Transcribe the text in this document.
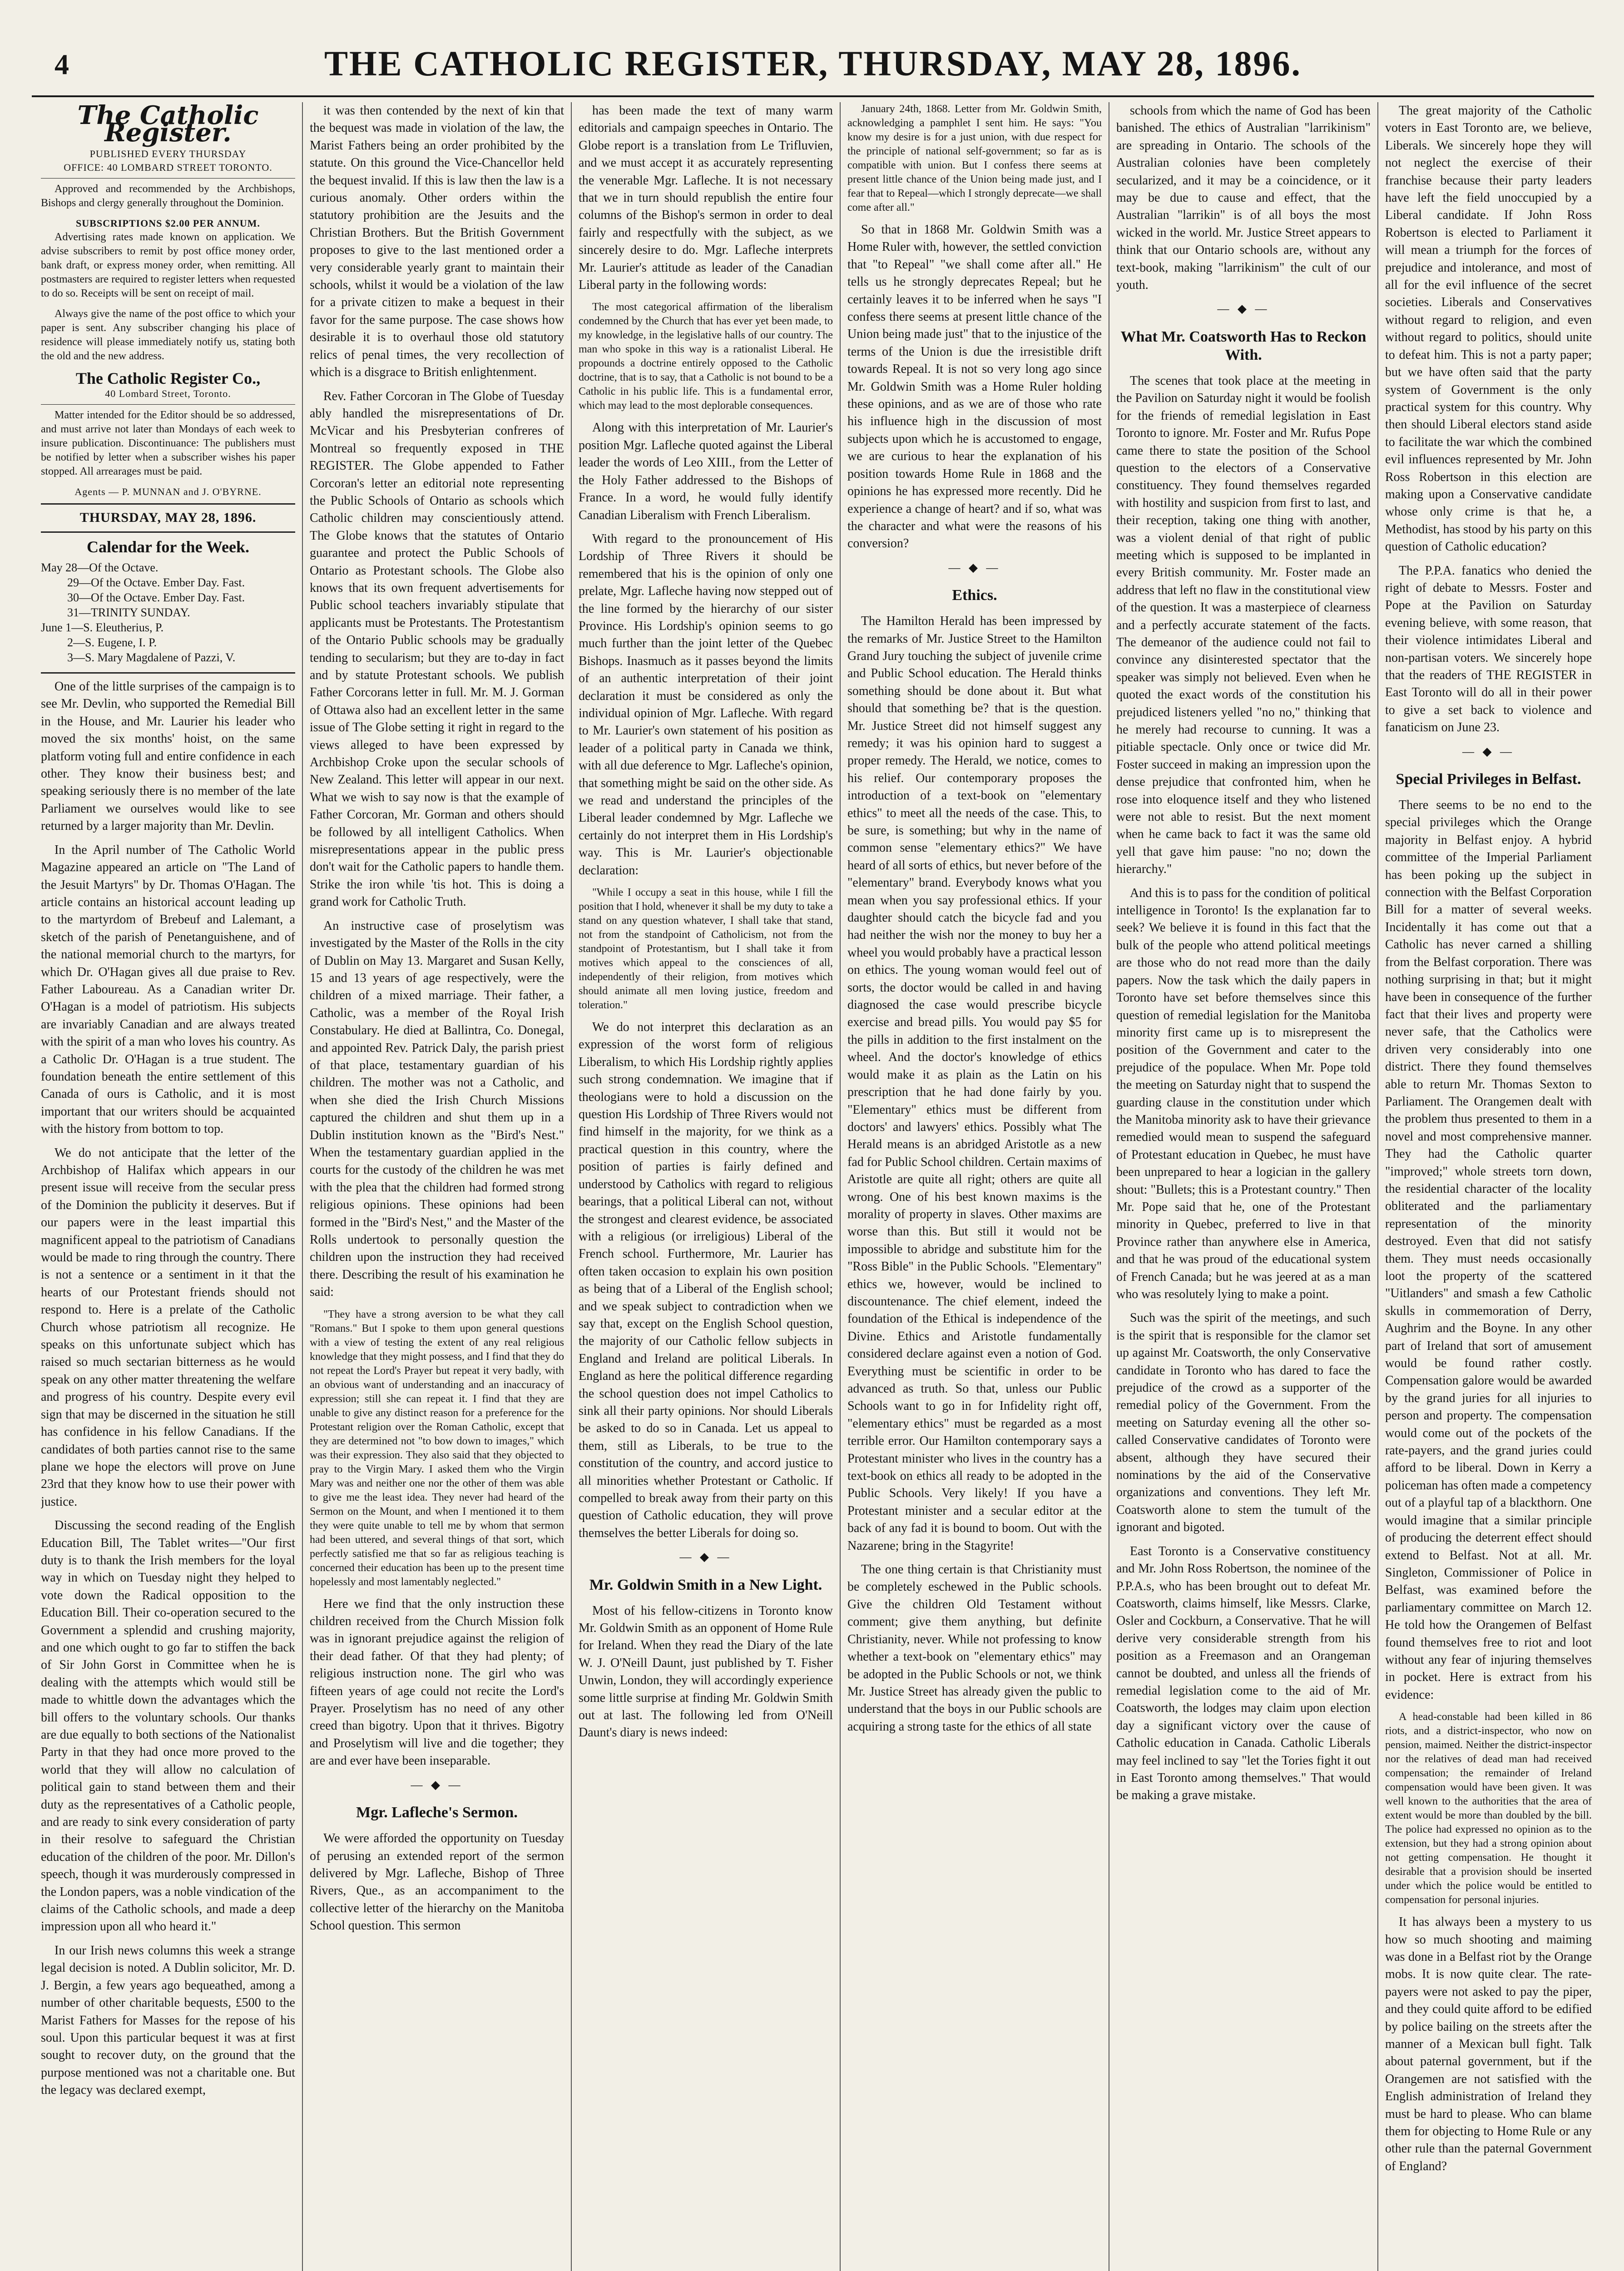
4	THE CATHOLIC REGISTER, THURSDAY, MAY 28, 1896.
The Catholic Register.
PUBLISHED EVERY THURSDAY
OFFICE: 40 LOMBARD STREET TORONTO.

Approved and recommended by the Archbishops, Bishops and clergy generally throughout the Dominion.

SUBSCRIPTIONS $2.00 PER ANNUM.

Advertising rates made known on application. We advise subscribers to remit by post office money order, bank draft, or express money order, when remitting. All postmasters are required to register letters when requested to do so. Receipts will be sent on receipt of mail.

Always give the name of the post office to which your paper is sent. Any subscriber changing his place of residence will please immediately notify us, stating both the old and the new address.

The Catholic Register Co.,
40 Lombard Street, Toronto.

Matter intended for the Editor should be so addressed, and must arrive not later than Mondays of each week to insure publication. Discontinuance: The publishers must be notified by letter when a subscriber wishes his paper stopped. All arrearages must be paid.

Agents — P. MUNNAN and J. O'BYRNE.
THURSDAY, MAY 28, 1896.
Calendar for the Week.
May 28—Of the Octave.
29—Of the Octave. Ember Day. Fast.
30—Of the Octave. Ember Day. Fast.
31—TRINITY SUNDAY.
June 1—S. Eleutherius, P.
2—S. Eugene, I. P.
3—S. Mary Magdalene of Pazzi, V.

One of the little surprises of the campaign is to see Mr. Devlin, who supported the Remedial Bill in the House, and Mr. Laurier his leader who moved the six months' hoist, on the same platform voting full and entire confidence in each other. They know their business best; and speaking seriously there is no member of the late Parliament we ourselves would like to see returned by a larger majority than Mr. Devlin.

In the April number of The Catholic World Magazine appeared an article on "The Land of the Jesuit Martyrs" by Dr. Thomas O'Hagan. The article contains an historical account leading up to the martyrdom of Brebeuf and Lalemant, a sketch of the parish of Penetanguishene, and of the national memorial church to the martyrs, for which Dr. O'Hagan gives all due praise to Rev. Father Laboureau. As a Canadian writer Dr. O'Hagan is a model of patriotism. His subjects are invariably Canadian and are always treated with the spirit of a man who loves his country. As a Catholic Dr. O'Hagan is a true student. The foundation beneath the entire settlement of this Canada of ours is Catholic, and it is most important that our writers should be acquainted with the history from bottom to top.

We do not anticipate that the letter of the Archbishop of Halifax which appears in our present issue will receive from the secular press of the Dominion the publicity it deserves. But if our papers were in the least impartial this magnificent appeal to the patriotism of Canadians would be made to ring through the country. There is not a sentence or a sentiment in it that the hearts of our Protestant friends should not respond to. Here is a prelate of the Catholic Church whose patriotism all recognize. He speaks on this unfortunate subject which has raised so much sectarian bitterness as he would speak on any other matter threatening the welfare and progress of his country. Despite every evil sign that may be discerned in the situation he still has confidence in his fellow Canadians. If the candidates of both parties cannot rise to the same plane we hope the electors will prove on June 23rd that they know how to use their power with justice.

Discussing the second reading of the English Education Bill, The Tablet writes—"Our first duty is to thank the Irish members for the loyal way in which on Tuesday night they helped to vote down the Radical opposition to the Education Bill. Their co-operation secured to the Government a splendid and crushing majority, and one which ought to go far to stiffen the back of Sir John Gorst in Committee when he is dealing with the attempts which would still be made to whittle down the advantages which the bill offers to the voluntary schools. Our thanks are due equally to both sections of the Nationalist Party in that they had once more proved to the world that they will allow no calculation of political gain to stand between them and their duty as the representatives of a Catholic people, and are ready to sink every consideration of party in their resolve to safeguard the Christian education of the children of the poor. Mr. Dillon's speech, though it was murderously compressed in the London papers, was a noble vindication of the claims of the Catholic schools, and made a deep impression upon all who heard it."

In our Irish news columns this week a strange legal decision is noted. A Dublin solicitor, Mr. D. J. Bergin, a few years ago bequeathed, among a number of other charitable bequests, £500 to the Marist Fathers for Masses for the repose of his soul. Upon this particular bequest it was at first sought to recover duty, on the ground that the purpose mentioned was not a charitable one. But the legacy was declared exempt,

it was then contended by the next of kin that the bequest was made in violation of the law, the Marist Fathers being an order prohibited by the statute. On this ground the Vice-Chancellor held the bequest invalid. If this is law then the law is a curious anomaly. Other orders within the statutory prohibition are the Jesuits and the Christian Brothers. But the British Government proposes to give to the last mentioned order a very considerable yearly grant to maintain their schools, whilst it would be a violation of the law for a private citizen to make a bequest in their favor for the same purpose. The case shows how desirable it is to overhaul those old statutory relics of penal times, the very recollection of which is a disgrace to British enlightenment.

Rev. Father Corcoran in The Globe of Tuesday ably handled the misrepresentations of Dr. McVicar and his Presbyterian confreres of Montreal so frequently exposed in THE REGISTER. The Globe appended to Father Corcoran's letter an editorial note representing the Public Schools of Ontario as schools which Catholic children may conscientiously attend. The Globe knows that the statutes of Ontario guarantee and protect the Public Schools of Ontario as Protestant schools. The Globe also knows that its own frequent advertisements for Public school teachers invariably stipulate that applicants must be Protestants. The Protestantism of the Ontario Public schools may be gradually tending to secularism; but they are to-day in fact and by statute Protestant schools. We publish Father Corcorans letter in full. Mr. M. J. Gorman of Ottawa also had an excellent letter in the same issue of The Globe setting it right in regard to the views alleged to have been expressed by Archbishop Croke upon the secular schools of New Zealand. This letter will appear in our next. What we wish to say now is that the example of Father Corcoran, Mr. Gorman and others should be followed by all intelligent Catholics. When misrepresentations appear in the public press don't wait for the Catholic papers to handle them. Strike the iron while 'tis hot. This is doing a grand work for Catholic Truth.

An instructive case of proselytism was investigated by the Master of the Rolls in the city of Dublin on May 13. Margaret and Susan Kelly, 15 and 13 years of age respectively, were the children of a mixed marriage. Their father, a Catholic, was a member of the Royal Irish Constabulary. He died at Ballintra, Co. Donegal, and appointed Rev. Patrick Daly, the parish priest of that place, testamentary guardian of his children. The mother was not a Catholic, and when she died the Irish Church Missions captured the children and shut them up in a Dublin institution known as the "Bird's Nest." When the testamentary guardian applied in the courts for the custody of the children he was met with the plea that the children had formed strong religious opinions. These opinions had been formed in the "Bird's Nest," and the Master of the Rolls undertook to personally question the children upon the instruction they had received there. Describing the result of his examination he said:

"They have a strong aversion to be what they call "Romans." But I spoke to them upon general questions with a view of testing the extent of any real religious knowledge that they might possess, and I find that they do not repeat the Lord's Prayer but repeat it very badly, with an obvious want of understanding and an inaccuracy of expression; still she can repeat it. I find that they are unable to give any distinct reason for a preference for the Protestant religion over the Roman Catholic, except that they are determined not "to bow down to images," which was their expression. They also said that they objected to pray to the Virgin Mary. I asked them who the Virgin Mary was and neither one nor the other of them was able to give me the least idea. They never had heard of the Sermon on the Mount, and when I mentioned it to them they were quite unable to tell me by whom that sermon had been uttered, and several things of that sort, which perfectly satisfied me that so far as religious teaching is concerned their education has been up to the present time hopelessly and most lamentably neglected."

Here we find that the only instruction these children received from the Church Mission folk was in ignorant prejudice against the religion of their dead father. Of that they had plenty; of religious instruction none. The girl who was fifteen years of age could not recite the Lord's Prayer. Proselytism has no need of any other creed than bigotry. Upon that it thrives. Bigotry and Proselytism will live and die together; they are and ever have been inseparable.

— ◆ —
Mgr. Lafleche's Sermon.

We were afforded the opportunity on Tuesday of perusing an extended report of the sermon delivered by Mgr. Lafleche, Bishop of Three Rivers, Que., as an accompaniment to the collective letter of the hierarchy on the Manitoba School question. This sermon

has been made the text of many warm editorials and campaign speeches in Ontario. The Globe report is a translation from Le Trifluvien, and we must accept it as accurately representing the venerable Mgr. Lafleche. It is not necessary that we in turn should republish the entire four columns of the Bishop's sermon in order to deal fairly and respectfully with the subject, as we sincerely desire to do. Mgr. Lafleche interprets Mr. Laurier's attitude as leader of the Canadian Liberal party in the following words:

The most categorical affirmation of the liberalism condemned by the Church that has ever yet been made, to my knowledge, in the legislative halls of our country. The man who spoke in this way is a rationalist Liberal. He propounds a doctrine entirely opposed to the Catholic doctrine, that is to say, that a Catholic is not bound to be a Catholic in his public life. This is a fundamental error, which may lead to the most deplorable consequences.

Along with this interpretation of Mr. Laurier's position Mgr. Lafleche quoted against the Liberal leader the words of Leo XIII., from the Letter of the Holy Father addressed to the Bishops of France. In a word, he would fully identify Canadian Liberalism with French Liberalism.

With regard to the pronouncement of His Lordship of Three Rivers it should be remembered that his is the opinion of only one prelate, Mgr. Lafleche having now stepped out of the line formed by the hierarchy of our sister Province. His Lordship's opinion seems to go much further than the joint letter of the Quebec Bishops. Inasmuch as it passes beyond the limits of an authentic interpretation of their joint declaration it must be considered as only the individual opinion of Mgr. Lafleche. With regard to Mr. Laurier's own statement of his position as leader of a political party in Canada we think, with all due deference to Mgr. Lafleche's opinion, that something might be said on the other side. As we read and understand the principles of the Liberal leader condemned by Mgr. Lafleche we certainly do not interpret them in His Lordship's way. This is Mr. Laurier's objectionable declaration:

"While I occupy a seat in this house, while I fill the position that I hold, whenever it shall be my duty to take a stand on any question whatever, I shall take that stand, not from the standpoint of Catholicism, not from the standpoint of Protestantism, but I shall take it from motives which appeal to the consciences of all, independently of their religion, from motives which should animate all men loving justice, freedom and toleration."

We do not interpret this declaration as an expression of the worst form of religious Liberalism, to which His Lordship rightly applies such strong condemnation. We imagine that if theologians were to hold a discussion on the question His Lordship of Three Rivers would not find himself in the majority, for we think as a practical question in this country, where the position of parties is fairly defined and understood by Catholics with regard to religious bearings, that a political Liberal can not, without the strongest and clearest evidence, be associated with a religious (or irreligious) Liberal of the French school. Furthermore, Mr. Laurier has often taken occasion to explain his own position as being that of a Liberal of the English school; and we speak subject to contradiction when we say that, except on the English School question, the majority of our Catholic fellow subjects in England and Ireland are political Liberals. In England as here the political difference regarding the school question does not impel Catholics to sink all their party opinions. Nor should Liberals be asked to do so in Canada. Let us appeal to them, still as Liberals, to be true to the constitution of the country, and accord justice to all minorities whether Protestant or Catholic. If compelled to break away from their party on this question of Catholic education, they will prove themselves the better Liberals for doing so.

— ◆ —
Mr. Goldwin Smith in a New Light.

Most of his fellow-citizens in Toronto know Mr. Goldwin Smith as an opponent of Home Rule for Ireland. When they read the Diary of the late W. J. O'Neill Daunt, just published by T. Fisher Unwin, London, they will accordingly experience some little surprise at finding Mr. Goldwin Smith out at last. The following led from O'Neill Daunt's diary is news indeed:

January 24th, 1868. Letter from Mr. Goldwin Smith, acknowledging a pamphlet I sent him. He says: "You know my desire is for a just union, with due respect for the principle of national self-government; so far as is compatible with union. But I confess there seems at present little chance of the Union being made just, and I fear that to Repeal—which I strongly deprecate—we shall come after all."

So that in 1868 Mr. Goldwin Smith was a Home Ruler with, however, the settled conviction that "to Repeal" "we shall come after all." He tells us he strongly deprecates Repeal; but he certainly leaves it to be inferred when he says "I confess there seems at present little chance of the Union being made just" that to the injustice of the terms of the Union is due the irresistible drift towards Repeal. It is not so very long ago since Mr. Goldwin Smith was a Home Ruler holding these opinions, and as we are of those who rate his influence high in the discussion of most subjects upon which he is accustomed to engage, we are curious to hear the explanation of his position towards Home Rule in 1868 and the opinions he has expressed more recently. Did he experience a change of heart? and if so, what was the character and what were the reasons of his conversion?

— ◆ —
Ethics.

The Hamilton Herald has been impressed by the remarks of Mr. Justice Street to the Hamilton Grand Jury touching the subject of juvenile crime and Public School education. The Herald thinks something should be done about it. But what should that something be? that is the question. Mr. Justice Street did not himself suggest any remedy; it was his opinion hard to suggest a proper remedy. The Herald, we notice, comes to his relief. Our contemporary proposes the introduction of a text-book on "elementary ethics" to meet all the needs of the case. This, to be sure, is something; but why in the name of common sense "elementary ethics?" We have heard of all sorts of ethics, but never before of the "elementary" brand. Everybody knows what you mean when you say professional ethics. If your daughter should catch the bicycle fad and you had neither the wish nor the money to buy her a wheel you would probably have a practical lesson on ethics. The young woman would feel out of sorts, the doctor would be called in and having diagnosed the case would prescribe bicycle exercise and bread pills. You would pay $5 for the pills in addition to the first instalment on the wheel. And the doctor's knowledge of ethics would make it as plain as the Latin on his prescription that he had done fairly by you. "Elementary" ethics must be different from doctors' and lawyers' ethics. Possibly what The Herald means is an abridged Aristotle as a new fad for Public School children. Certain maxims of Aristotle are quite all right; others are quite all wrong. One of his best known maxims is the morality of property in slaves. Other maxims are worse than this. But still it would not be impossible to abridge and substitute him for the "Ross Bible" in the Public Schools. "Elementary" ethics we, however, would be inclined to discountenance. The chief element, indeed the foundation of the Ethical is independence of the Divine. Ethics and Aristotle fundamentally considered declare against even a notion of God. Everything must be scientific in order to be advanced as truth. So that, unless our Public Schools want to go in for Infidelity right off, "elementary ethics" must be regarded as a most terrible error. Our Hamilton contemporary says a Protestant minister who lives in the country has a text-book on ethics all ready to be adopted in the Public Schools. Very likely! If you have a Protestant minister and a secular editor at the back of any fad it is bound to boom. Out with the Nazarene; bring in the Stagyrite!

The one thing certain is that Christianity must be completely eschewed in the Public schools. Give the children Old Testament without comment; give them anything, but definite Christianity, never. While not professing to know whether a text-book on "elementary ethics" may be adopted in the Public Schools or not, we think Mr. Justice Street has already given the public to understand that the boys in our Public schools are acquiring a strong taste for the ethics of all state

schools from which the name of God has been banished. The ethics of Australian "larrikinism" are spreading in Ontario. The schools of the Australian colonies have been completely secularized, and it may be a coincidence, or it may be due to cause and effect, that the Australian "larrikin" is of all boys the most wicked in the world. Mr. Justice Street appears to think that our Ontario schools are, without any text-book, making "larrikinism" the cult of our youth.

— ◆ —
What Mr. Coatsworth Has to Reckon With.

The scenes that took place at the meeting in the Pavilion on Saturday night it would be foolish for the friends of remedial legislation in East Toronto to ignore. Mr. Foster and Mr. Rufus Pope came there to state the position of the School question to the electors of a Conservative constituency. They found themselves regarded with hostility and suspicion from first to last, and their reception, taking one thing with another, was a violent denial of that right of public meeting which is supposed to be implanted in every British community. Mr. Foster made an address that left no flaw in the constitutional view of the question. It was a masterpiece of clearness and a perfectly accurate statement of the facts. The demeanor of the audience could not fail to convince any disinterested spectator that the speaker was simply not believed. Even when he quoted the exact words of the constitution his prejudiced listeners yelled "no no," thinking that he merely had recourse to cunning. It was a pitiable spectacle. Only once or twice did Mr. Foster succeed in making an impression upon the dense prejudice that confronted him, when he rose into eloquence itself and they who listened were not able to resist. But the next moment when he came back to fact it was the same old yell that gave him pause: "no no; down the hierarchy."

And this is to pass for the condition of political intelligence in Toronto! Is the explanation far to seek? We believe it is found in this fact that the bulk of the people who attend political meetings are those who do not read more than the daily papers. Now the task which the daily papers in Toronto have set before themselves since this question of remedial legislation for the Manitoba minority first came up is to misrepresent the position of the Government and cater to the prejudice of the populace. When Mr. Pope told the meeting on Saturday night that to suspend the guarding clause in the constitution under which the Manitoba minority ask to have their grievance remedied would mean to suspend the safeguard of Protestant education in Quebec, he must have been unprepared to hear a logician in the gallery shout: "Bullets; this is a Protestant country." Then Mr. Pope said that he, one of the Protestant minority in Quebec, preferred to live in that Province rather than anywhere else in America, and that he was proud of the educational system of French Canada; but he was jeered at as a man who was resolutely lying to make a point.

Such was the spirit of the meetings, and such is the spirit that is responsible for the clamor set up against Mr. Coatsworth, the only Conservative candidate in Toronto who has dared to face the prejudice of the crowd as a supporter of the remedial policy of the Government. From the meeting on Saturday evening all the other so-called Conservative candidates of Toronto were absent, although they have secured their nominations by the aid of the Conservative organizations and conventions. They left Mr. Coatsworth alone to stem the tumult of the ignorant and bigoted.

East Toronto is a Conservative constituency and Mr. John Ross Robertson, the nominee of the P.P.A.s, who has been brought out to defeat Mr. Coatsworth, claims himself, like Messrs. Clarke, Osler and Cockburn, a Conservative. That he will derive very considerable strength from his position as a Freemason and an Orangeman cannot be doubted, and unless all the friends of remedial legislation come to the aid of Mr. Coatsworth, the lodges may claim upon election day a significant victory over the cause of Catholic education in Canada. Catholic Liberals may feel inclined to say "let the Tories fight it out in East Toronto among themselves." That would be making a grave mistake.

The great majority of the Catholic voters in East Toronto are, we believe, Liberals. We sincerely hope they will not neglect the exercise of their franchise because their party leaders have left the field unoccupied by a Liberal candidate. If John Ross Robertson is elected to Parliament it will mean a triumph for the forces of prejudice and intolerance, and most of all for the evil influence of the secret societies. Liberals and Conservatives without regard to religion, and even without regard to politics, should unite to defeat him. This is not a party paper; but we have often said that the party system of Government is the only practical system for this country. Why then should Liberal electors stand aside to facilitate the war which the combined evil influences represented by Mr. John Ross Robertson in this election are making upon a Conservative candidate whose only crime is that he, a Methodist, has stood by his party on this question of Catholic education?

The P.P.A. fanatics who denied the right of debate to Messrs. Foster and Pope at the Pavilion on Saturday evening believe, with some reason, that their violence intimidates Liberal and non-partisan voters. We sincerely hope that the readers of THE REGISTER in East Toronto will do all in their power to give a set back to violence and fanaticism on June 23.

— ◆ —
Special Privileges in Belfast.

There seems to be no end to the special privileges which the Orange majority in Belfast enjoy. A hybrid committee of the Imperial Parliament has been poking up the subject in connection with the Belfast Corporation Bill for a matter of several weeks. Incidentally it has come out that a Catholic has never carned a shilling from the Belfast corporation. There was nothing surprising in that; but it might have been in consequence of the further fact that their lives and property were never safe, that the Catholics were driven very considerably into one district. There they found themselves able to return Mr. Thomas Sexton to Parliament. The Orangemen dealt with the problem thus presented to them in a novel and most comprehensive manner. They had the Catholic quarter "improved;" whole streets torn down, the residential character of the locality obliterated and the parliamentary representation of the minority destroyed. Even that did not satisfy them. They must needs occasionally loot the property of the scattered "Uitlanders" and smash a few Catholic skulls in commemoration of Derry, Aughrim and the Boyne. In any other part of Ireland that sort of amusement would be found rather costly. Compensation galore would be awarded by the grand juries for all injuries to person and property. The compensation would come out of the pockets of the rate-payers, and the grand juries could afford to be liberal. Down in Kerry a policeman has often made a competency out of a playful tap of a blackthorn. One would imagine that a similar principle of producing the deterrent effect should extend to Belfast. Not at all. Mr. Singleton, Commissioner of Police in Belfast, was examined before the parliamentary committee on March 12. He told how the Orangemen of Belfast found themselves free to riot and loot without any fear of injuring themselves in pocket. Here is extract from his evidence:

A head-constable had been killed in 86 riots, and a district-inspector, who now on pension, maimed. Neither the district-inspector nor the relatives of dead man had received compensation; the remainder of Ireland compensation would have been given. It was well known to the authorities that the area of extent would be more than doubled by the bill. The police had expressed no opinion as to the extension, but they had a strong opinion about not getting compensation. He thought it desirable that a provision should be inserted under which the police would be entitled to compensation for personal injuries.

It has always been a mystery to us how so much shooting and maiming was done in a Belfast riot by the Orange mobs. It is now quite clear. The rate-payers were not asked to pay the piper, and they could quite afford to be edified by police bailing on the streets after the manner of a Mexican bull fight. Talk about paternal government, but if the Orangemen are not satisfied with the English administration of Ireland they must be hard to please. Who can blame them for objecting to Home Rule or any other rule than the paternal Government of England?
